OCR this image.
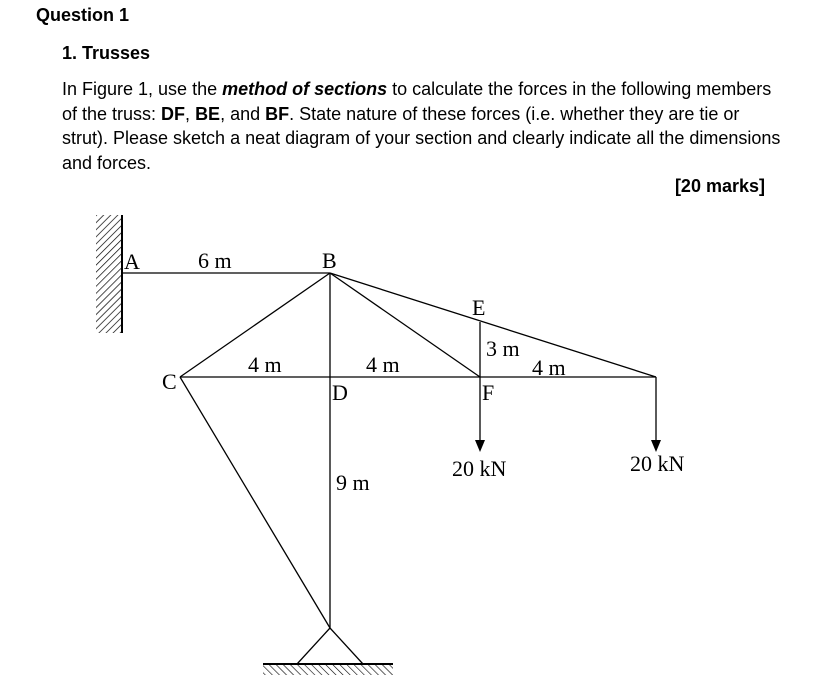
Question 1

1. Trusses

In Figure 1, use the method of sections to calculate the forces in the following members of the truss: DF, BE, and BF. State nature of these forces (i.e. whether they are tie or strut). Please sketch a neat diagram of your section and clearly indicate all the dimensions and forces.

[20 marks]

A	B
C	D
E
F
6 m
4 m	4 m
3 m
4 m
9 m
20 kN	20 kN
